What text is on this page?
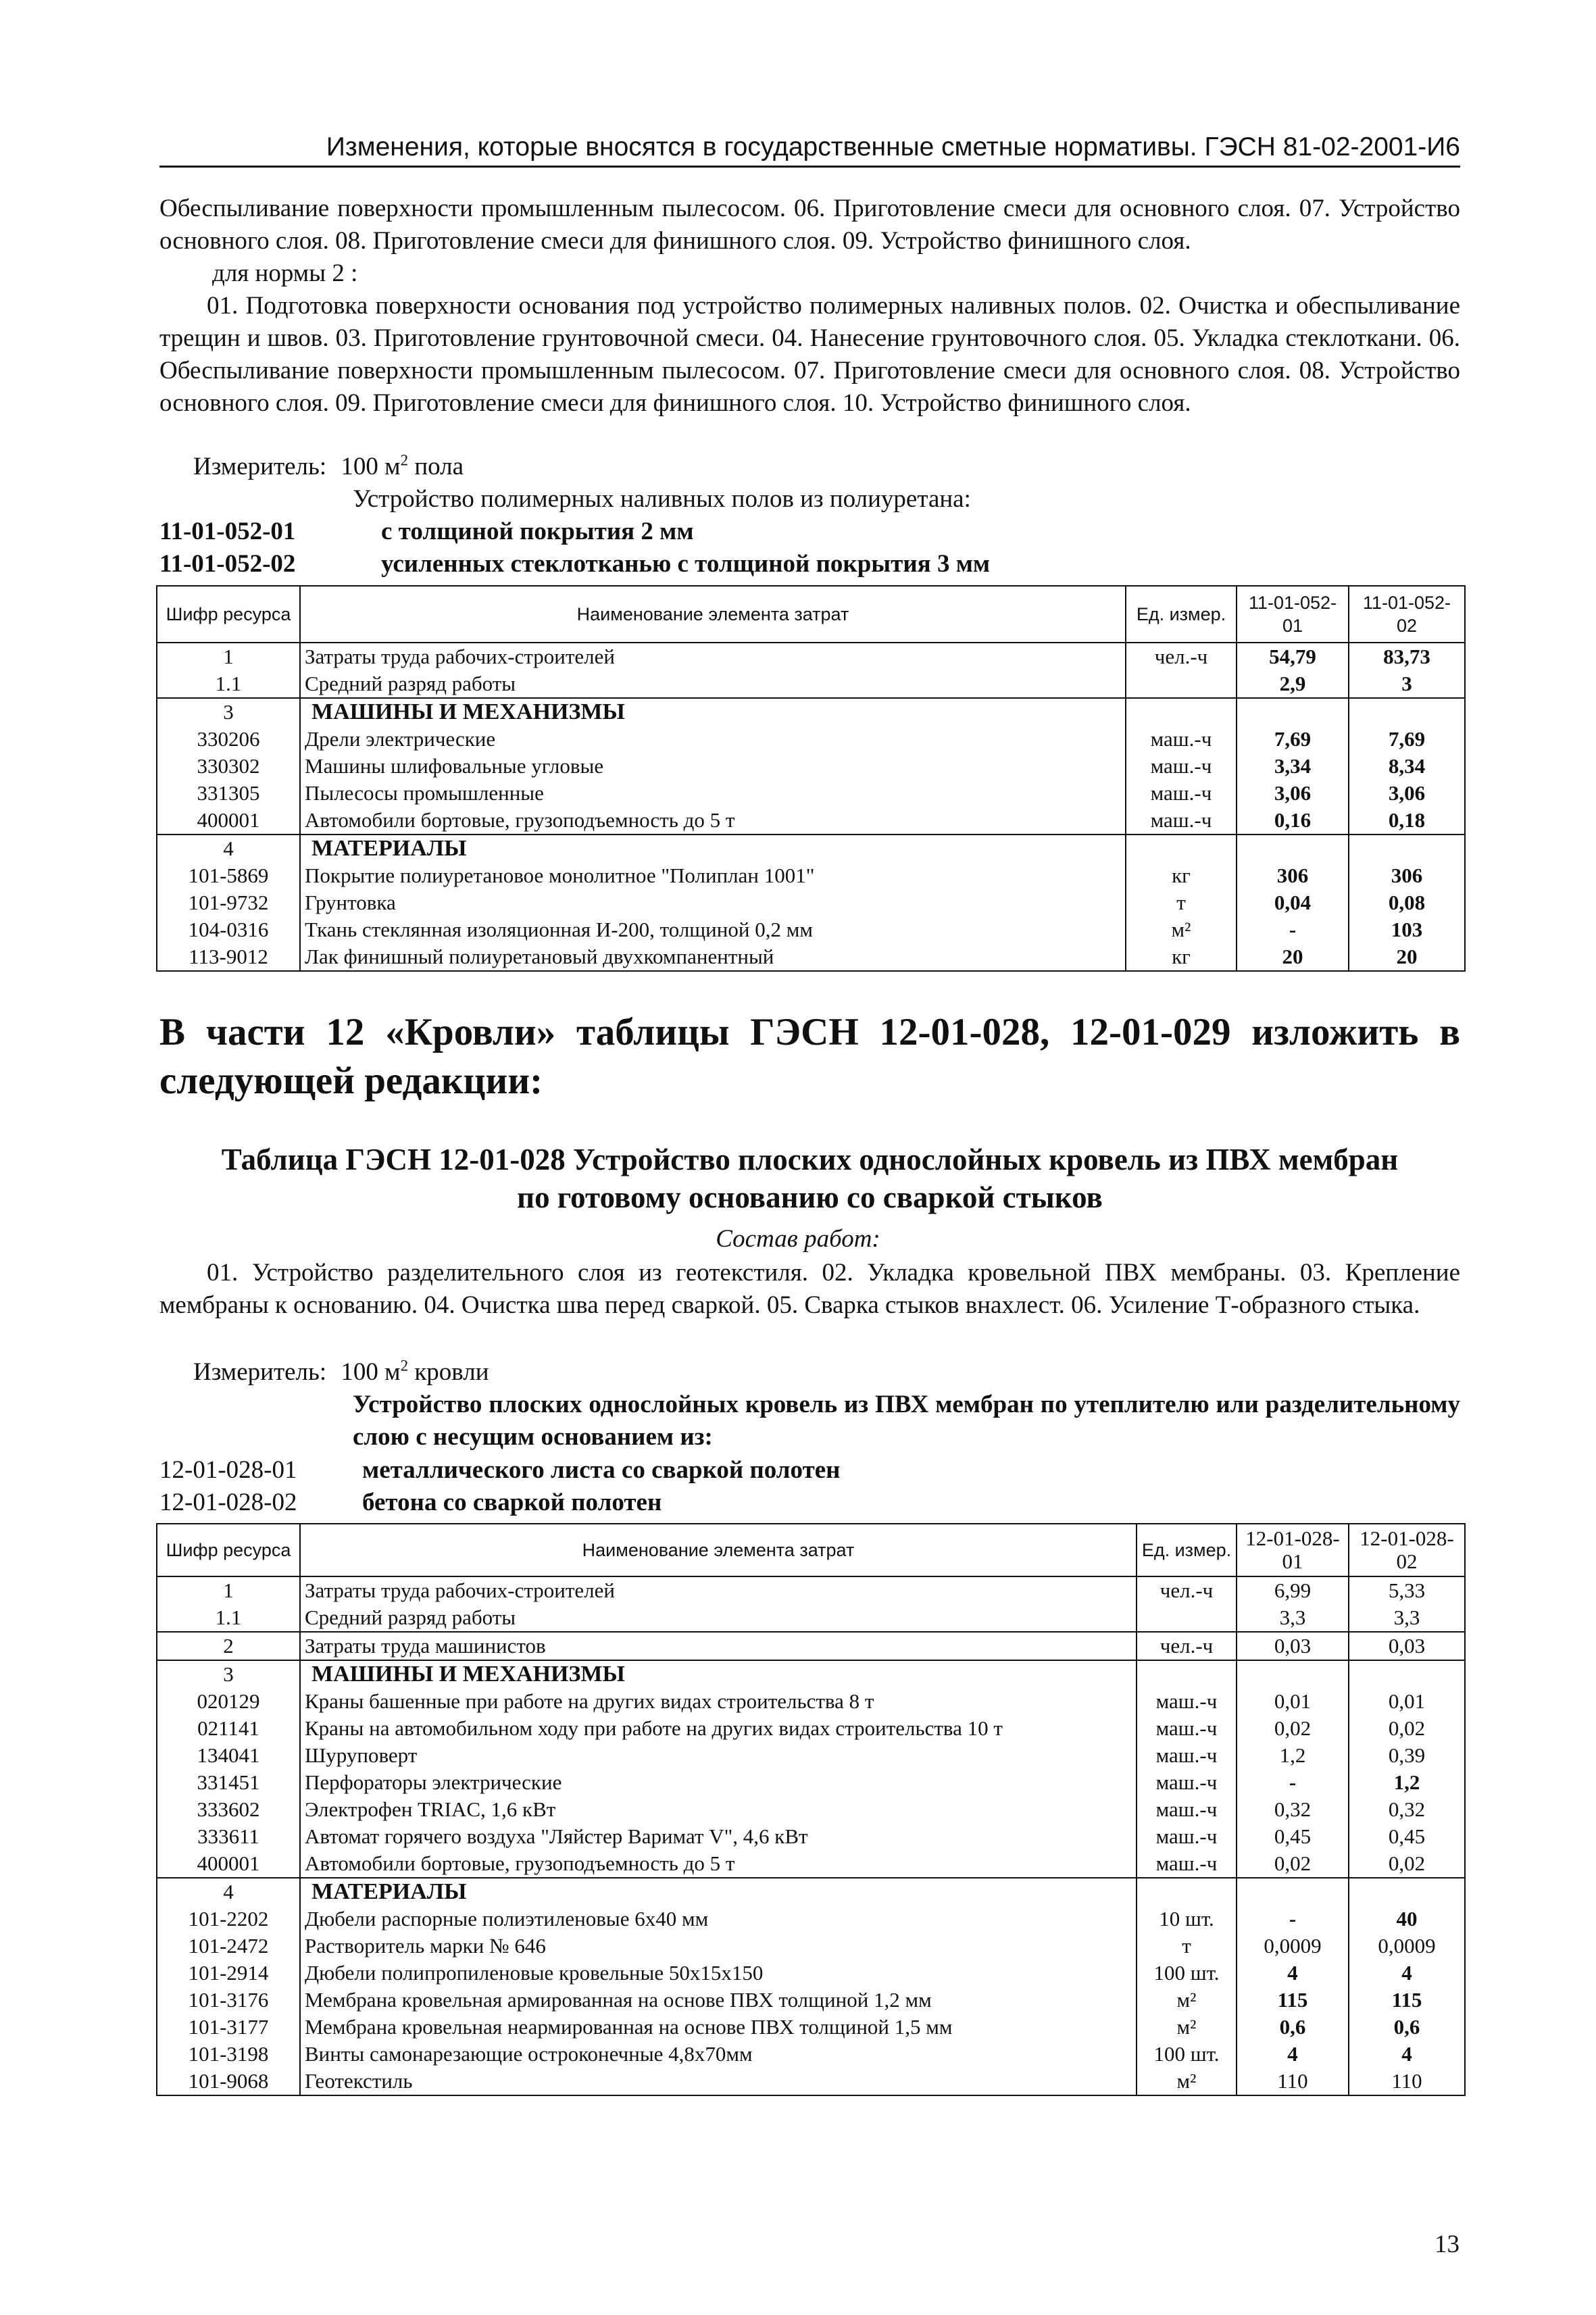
Изменения, которые вносятся в государственные сметные нормативы. ГЭСН 81-02-2001-И6

Обеспыливание поверхности промышленным пылесосом. 06. Приготовление смеси для основного слоя. 07. Устройство основного слоя. 08. Приготовление смеси для финишного слоя. 09. Устройство финишного слоя.

для нормы 2 :

01. Подготовка поверхности основания под устройство полимерных наливных полов. 02. Очистка и обеспыливание трещин и швов. 03. Приготовление грунтовочной смеси. 04. Нанесение грунтовочного слоя. 05. Укладка стеклоткани. 06. Обеспыливание поверхности промышленным пылесосом. 07. Приготовление смеси для основного слоя. 08. Устройство основного слоя. 09. Приготовление смеси для финишного слоя. 10. Устройство финишного слоя.

Измеритель: 100 $м^2$ пола
Устройство полимерных наливных полов из полиуретана:
11-01-052-01	с толщиной покрытия 2 мм
11-01-052-02	усиленных стеклотканью с толщиной покрытия 3 мм
Шифр ресурса	Наименование элемента затрат	Ед. измер.	11-01-052-01	11-01-052-02
1	Затраты труда рабочих-строителей	чел.-ч	54,79	83,73
1.1	Средний разряд работы		2,9	3
3	МАШИНЫ И МЕХАНИЗМЫ			
330206	Дрели электрические	маш.-ч	7,69	7,69
330302	Машины шлифовальные угловые	маш.-ч	3,34	8,34
331305	Пылесосы промышленные	маш.-ч	3,06	3,06
400001	Автомобили бортовые, грузоподъемность до 5 т	маш.-ч	0,16	0,18
4	МАТЕРИАЛЫ			
101-5869	Покрытие полиуретановое монолитное "Полиплан 1001"	кг	306	306
101-9732	Грунтовка	т	0,04	0,08
104-0316	Ткань стеклянная изоляционная И-200, толщиной 0,2 мм	м²	-	103
113-9012	Лак финишный полиуретановый двухкомпанентный	кг	20	20
В части 12 «Кровли» таблицы ГЭСН 12-01-028, 12-01-029 изложить в следующей редакции:
Таблица ГЭСН 12-01-028 Устройство плоских однослойных кровель из ПВХ мембран
по готовому основанию со сваркой стыков
Состав работ:

01. Устройство разделительного слоя из геотекстиля. 02. Укладка кровельной ПВХ мембраны. 03. Крепление мембраны к основанию. 04. Очистка шва перед сваркой. 05. Сварка стыков внахлест. 06. Усиление Т-образного стыка.

Измеритель: 100 $м^2$ кровли

Устройство плоских однослойных кровель из ПВХ мембран по утеплителю или разделительному слою с несущим основанием из:

12-01-028-01	металлического листа со сваркой полотен
12-01-028-02	бетона со сваркой полотен
Шифр ресурса	Наименование элемента затрат	Ед. измер.	12-01-028-01	12-01-028-02
1	Затраты труда рабочих-строителей	чел.-ч	6,99	5,33
1.1	Средний разряд работы		3,3	3,3
2	Затраты труда машинистов	чел.-ч	0,03	0,03
3	МАШИНЫ И МЕХАНИЗМЫ			
020129	Краны башенные при работе на других видах строительства 8 т	маш.-ч	0,01	0,01
021141	Краны на автомобильном ходу при работе на других видах строительства 10 т	маш.-ч	0,02	0,02
134041	Шуруповерт	маш.-ч	1,2	0,39
331451	Перфораторы электрические	маш.-ч	-	1,2
333602	Электрофен TRIAC, 1,6 кВт	маш.-ч	0,32	0,32
333611	Автомат горячего воздуха "Ляйстер Варимат V", 4,6 кВт	маш.-ч	0,45	0,45
400001	Автомобили бортовые, грузоподъемность до 5 т	маш.-ч	0,02	0,02
4	МАТЕРИАЛЫ			
101-2202	Дюбели распорные полиэтиленовые 6х40 мм	10 шт.	-	40
101-2472	Растворитель марки № 646	т	0,0009	0,0009
101-2914	Дюбели полипропиленовые кровельные 50х15х150	100 шт.	4	4
101-3176	Мембрана кровельная армированная на основе ПВХ толщиной 1,2 мм	м²	115	115
101-3177	Мембрана кровельная неармированная на основе ПВХ толщиной 1,5 мм	м²	0,6	0,6
101-3198	Винты самонарезающие остроконечные 4,8х70мм	100 шт.	4	4
101-9068	Геотекстиль	м²	110	110
13
